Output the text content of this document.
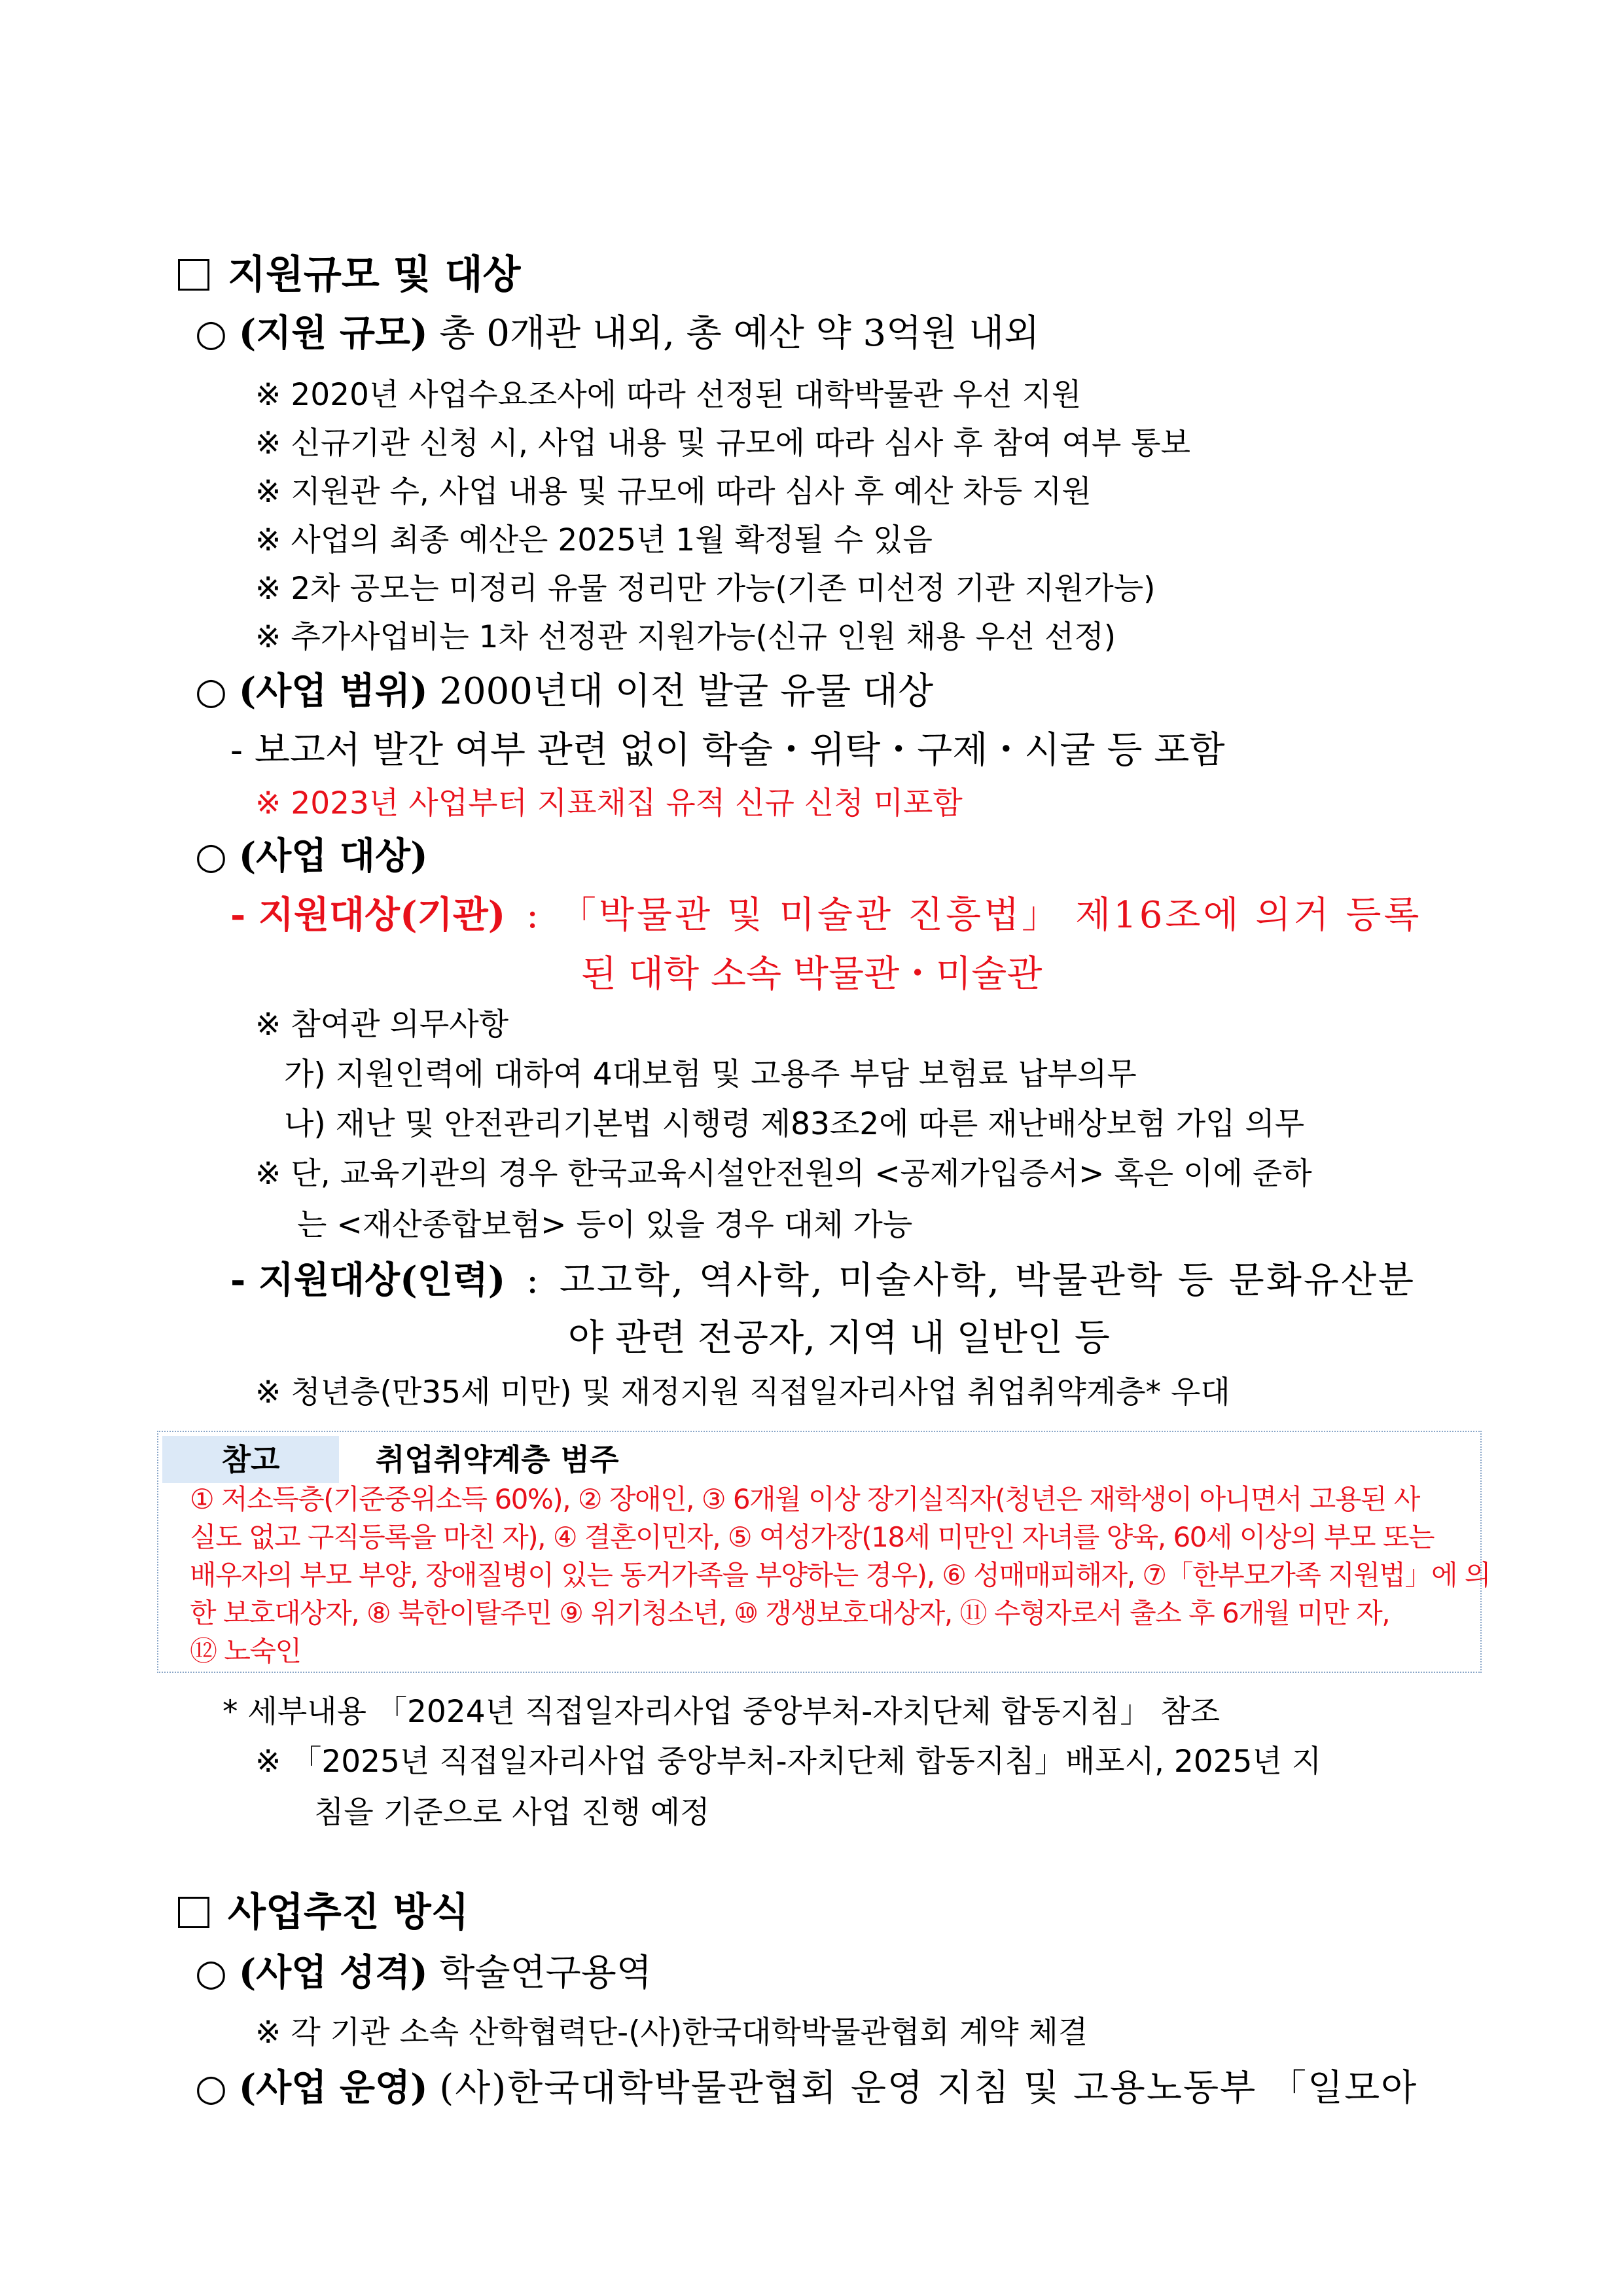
지원규모 및 대상
○ (지원 규모) 총 0개관 내외, 총 예산 약 3억원 내외
※ 2020년 사업수요조사에 따라 선정된 대학박물관 우선 지원
※ 신규기관 신청 시, 사업 내용 및 규모에 따라 심사 후 참여 여부 통보
※ 지원관 수, 사업 내용 및 규모에 따라 심사 후 예산 차등 지원
※ 사업의 최종 예산은 2025년 1월 확정될 수 있음
※ 2차 공모는 미정리 유물 정리만 가능(기존 미선정 기관 지원가능)
※ 추가사업비는 1차 선정관 지원가능(신규 인원 채용 우선 선정)
○ (사업 범위) 2000년대 이전 발굴 유물 대상
- 보고서 발간 여부 관련 없이 학술・위탁・구제・시굴 등 포함
※ 2023년 사업부터 지표채집 유적 신규 신청 미포함
○ (사업 대상)
- 지원대상(기관) : 「박물관 및 미술관 진흥법」 제16조에 의거 등록
된 대학 소속 박물관・미술관
※ 참여관 의무사항
가) 지원인력에 대하여 4대보험 및 고용주 부담 보험료 납부의무
나) 재난 및 안전관리기본법 시행령 제83조2에 따른 재난배상보험 가입 의무
※ 단, 교육기관의 경우 한국교육시설안전원의 <공제가입증서> 혹은 이에 준하
는 <재산종합보험> 등이 있을 경우 대체 가능
- 지원대상(인력) : 고고학, 역사학, 미술사학, 박물관학 등 문화유산분
야 관련 전공자, 지역 내 일반인 등
※ 청년층(만35세 미만) 및 재정지원 직접일자리사업 취업취약계층* 우대
참고	취업취약계층 범주
① 저소득층(기준중위소득 60%), ② 장애인, ③ 6개월 이상 장기실직자(청년은 재학생이 아니면서 고용된 사
실도 없고 구직등록을 마친 자), ④ 결혼이민자, ⑤ 여성가장(18세 미만인 자녀를 양육, 60세 이상의 부모 또는
배우자의 부모 부양, 장애질병이 있는 동거가족을 부양하는 경우), ⑥ 성매매피해자, ⑦「한부모가족 지원법」에 의
한 보호대상자, ⑧ 북한이탈주민 ⑨ 위기청소년, ⑩ 갱생보호대상자, ⑪ 수형자로서 출소 후 6개월 미만 자,
⑫ 노숙인
* 세부내용 「2024년 직접일자리사업 중앙부처-자치단체 합동지침」 참조
※ 「2025년 직접일자리사업 중앙부처-자치단체 합동지침」배포시, 2025년 지
침을 기준으로 사업 진행 예정
사업추진 방식
○ (사업 성격) 학술연구용역
※ 각 기관 소속 산학협력단-(사)한국대학박물관협회 계약 체결
○ (사업 운영) (사)한국대학박물관협회 운영 지침 및 고용노동부 「일모아
